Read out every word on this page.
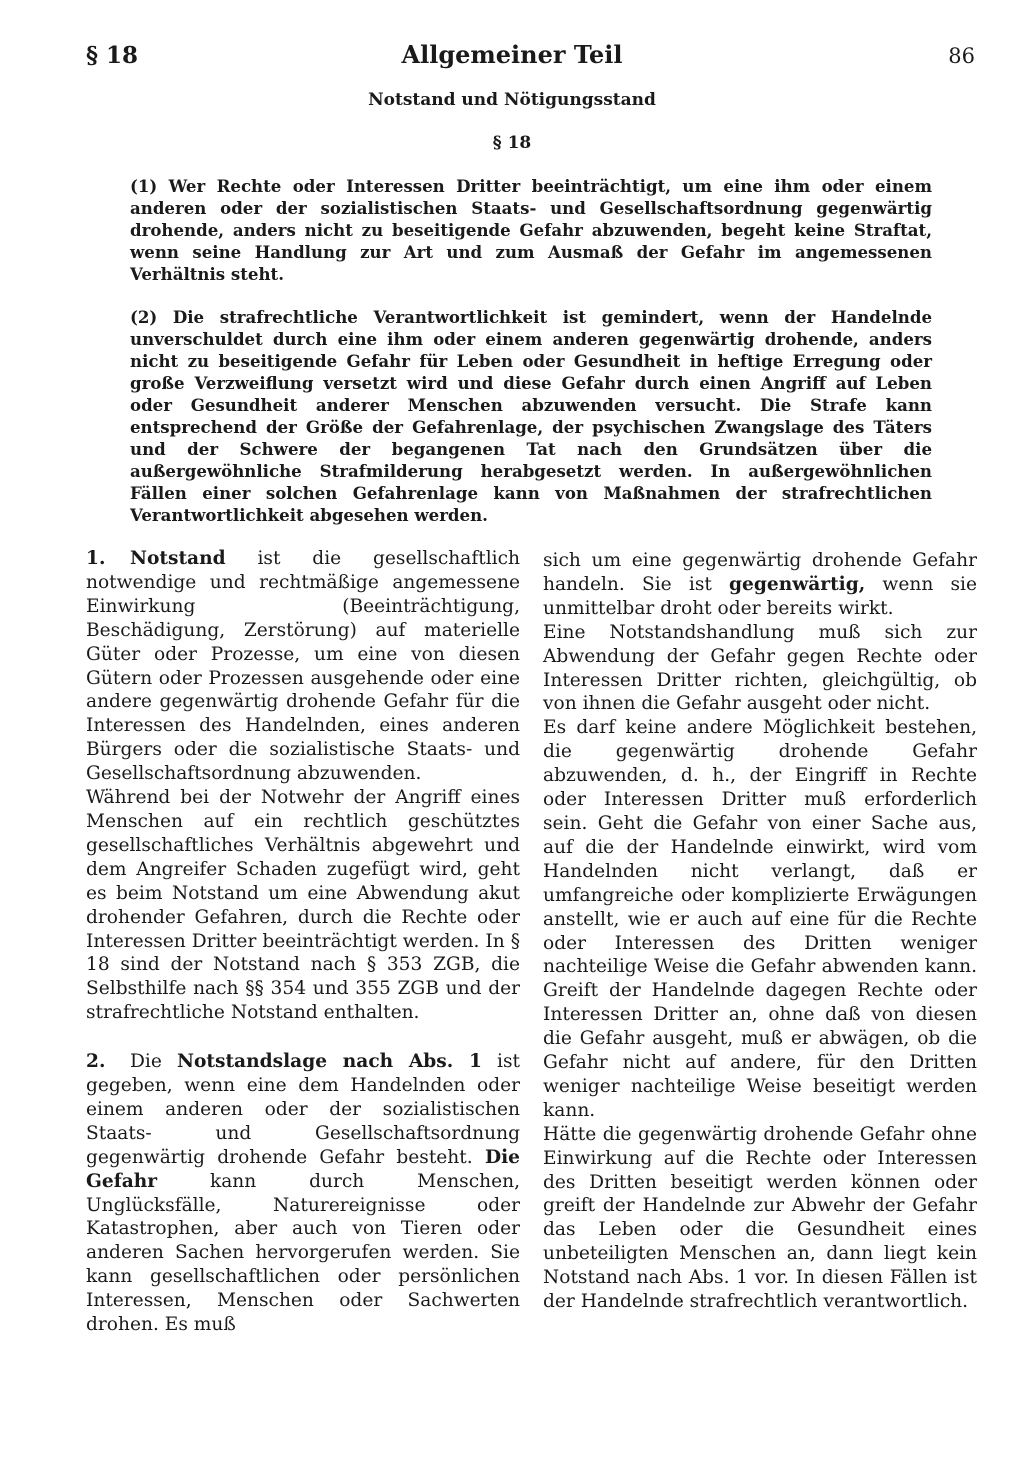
§ 18	Allgemeiner Teil	86
Notstand und Nötigungsstand
§ 18

(1) Wer Rechte oder Interessen Dritter beeinträchtigt, um eine ihm oder einem anderen oder der sozialistischen Staats- und Gesellschaftsordnung gegenwärtig drohende, anders nicht zu beseitigende Gefahr abzuwenden, begeht keine Straftat, wenn seine Handlung zur Art und zum Ausmaß der Gefahr im angemessenen Verhältnis steht.

(2) Die strafrechtliche Verantwortlichkeit ist gemindert, wenn der Handelnde unverschuldet durch eine ihm oder einem anderen gegenwärtig drohende, anders nicht zu beseitigende Gefahr für Leben oder Gesundheit in heftige Erregung oder große Verzweiflung versetzt wird und diese Gefahr durch einen Angriff auf Leben oder Gesundheit anderer Menschen abzuwenden versucht. Die Strafe kann entsprechend der Größe der Gefahrenlage, der psychischen Zwangslage des Täters und der Schwere der begangenen Tat nach den Grundsätzen über die außergewöhnliche Strafmilderung herabgesetzt werden. In außergewöhnlichen Fällen einer solchen Gefahrenlage kann von Maßnahmen der strafrechtlichen Verantwortlichkeit abgesehen werden.

1. Notstand ist die gesellschaftlich notwendige und rechtmäßige angemessene Einwirkung (Beeinträchtigung, Beschädigung, Zerstörung) auf materielle Güter oder Prozesse, um eine von diesen Gütern oder Prozessen ausgehende oder eine andere gegenwärtig drohende Gefahr für die Interessen des Handelnden, eines anderen Bürgers oder die sozialistische Staats- und Gesellschaftsordnung abzuwenden.

Während bei der Notwehr der Angriff eines Menschen auf ein rechtlich geschütztes gesellschaftliches Verhältnis abgewehrt und dem Angreifer Schaden zugefügt wird, geht es beim Notstand um eine Abwendung akut drohender Gefahren, durch die Rechte oder Interessen Dritter beeinträchtigt werden. In § 18 sind der Notstand nach § 353 ZGB, die Selbsthilfe nach §§ 354 und 355 ZGB und der strafrechtliche Notstand enthalten.

2. Die Notstandslage nach Abs. 1 ist gegeben, wenn eine dem Handelnden oder einem anderen oder der sozialistischen Staats- und Gesellschaftsordnung gegenwärtig drohende Gefahr besteht. Die Gefahr kann durch Menschen, Unglücksfälle, Naturereignisse oder Katastrophen, aber auch von Tieren oder anderen Sachen hervorgerufen werden. Sie kann gesellschaftlichen oder persönlichen Interessen, Menschen oder Sachwerten drohen. Es muß

sich um eine gegenwärtig drohende Gefahr handeln. Sie ist gegenwärtig, wenn sie unmittelbar droht oder bereits wirkt.

Eine Notstandshandlung muß sich zur Abwendung der Gefahr gegen Rechte oder Interessen Dritter richten, gleichgültig, ob von ihnen die Gefahr ausgeht oder nicht.

Es darf keine andere Möglichkeit bestehen, die gegenwärtig drohende Gefahr abzuwenden, d. h., der Eingriff in Rechte oder Interessen Dritter muß erforderlich sein. Geht die Gefahr von einer Sache aus, auf die der Handelnde einwirkt, wird vom Handelnden nicht verlangt, daß er umfangreiche oder komplizierte Erwägungen anstellt, wie er auch auf eine für die Rechte oder Interessen des Dritten weniger nachteilige Weise die Gefahr abwenden kann. Greift der Handelnde dagegen Rechte oder Interessen Dritter an, ohne daß von diesen die Gefahr ausgeht, muß er abwägen, ob die Gefahr nicht auf andere, für den Dritten weniger nachteilige Weise beseitigt werden kann.

Hätte die gegenwärtig drohende Gefahr ohne Einwirkung auf die Rechte oder Interessen des Dritten beseitigt werden können oder greift der Handelnde zur Abwehr der Gefahr das Leben oder die Gesundheit eines unbeteiligten Menschen an, dann liegt kein Notstand nach Abs. 1 vor. In diesen Fällen ist der Handelnde strafrechtlich verantwortlich.
